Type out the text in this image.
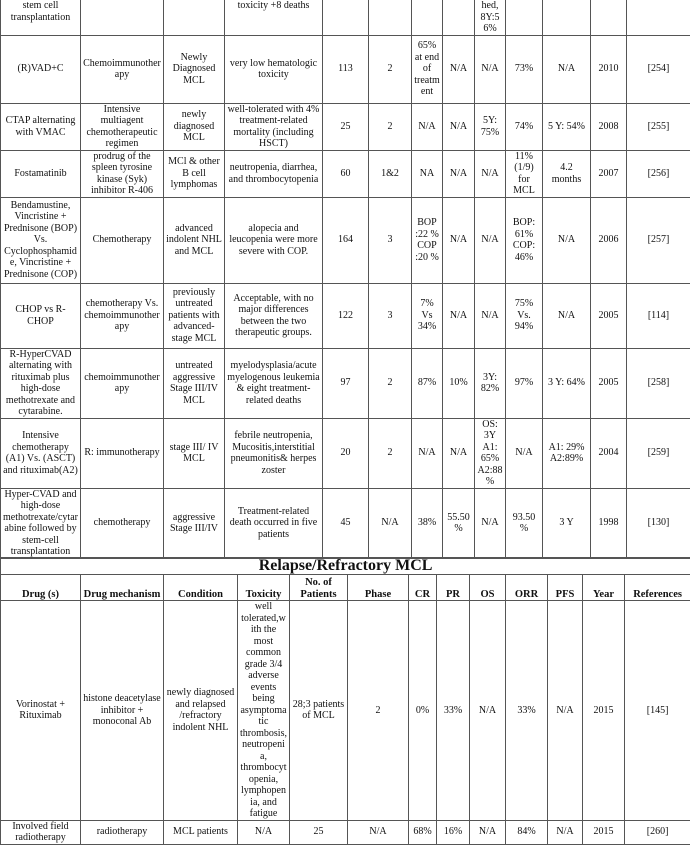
stem cell transplantation			toxicity +8 deaths					hed, 8Y:5 6%				
(R)VAD+C	Chemoimmunotherapy	Newly Diagnosed MCL	very low hematologic toxicity	113	2	65% at end of treatment	N/A	N/A	73%	N/A	2010	[254]
CTAP alternating with VMAC	Intensive multiagent chemotherapeutic regimen	newly diagnosed MCL	well-tolerated with 4% treatment-related mortality (including HSCT)	25	2	N/A	N/A	5Y: 75%	74%	5 Y: 54%	2008	[255]
Fostamatinib	prodrug of the spleen tyrosine kinase (Syk) inhibitor R-406	MCl & other B cell lymphomas	neutropenia, diarrhea, and thrombocytopenia	60	1&2	NA	N/A	N/A	11% (1/9) for MCL	4.2 months	2007	[256]
Bendamustine, Vincristine + Prednisone (BOP) Vs. Cyclophosphamide, Vincristine + Prednisone (COP)	Chemotherapy	advanced indolent NHL and MCL	alopecia and leucopenia were more severe with COP.	164	3	BOP :22 % COP :20 %	N/A	N/A	BOP: 61% COP: 46%	N/A	2006	[257]
CHOP vs R-CHOP	chemotherapy Vs. chemoimmunotherapy	previously untreated patients with advanced-stage MCL	Acceptable, with no major differences between the two therapeutic groups.	122	3	7% Vs 34%	N/A	N/A	75% Vs. 94%	N/A	2005	[114]
R-HyperCVAD alternating with rituximab plus high-dose methotrexate and cytarabine.	chemoimmunotherapy	untreated aggressive Stage III/IV MCL	myelodysplasia/acute myelogenous leukemia & eight treatment-related deaths	97	2	87%	10%	3Y: 82%	97%	3 Y: 64%	2005	[258]
Intensive chemotherapy (A1) Vs. (ASCT) and rituximab(A2)	R: immunotherapy	stage III/ IV MCL	febrile neutropenia, Mucositis,interstitial pneumonitis& herpes zoster	20	2	N/A	N/A	OS: 3Y A1: 65% A2:88%	N/A	A1: 29% A2:89%	2004	[259]
Hyper-CVAD and high-dose methotrexate/cytarabine followed by stem-cell transplantation	chemotherapy	aggressive Stage III/IV	Treatment-related death occurred in five patients	45	N/A	38%	55.50%	N/A	93.50 %	3 Y	1998	[130]
Relapse/Refractory MCL												
Drug (s)	Drug mechanism	Condition	Toxicity	No. of Patients	Phase	CR	PR	OS	ORR	PFS	Year	References
Vorinostat + Rituximab	histone deacetylase inhibitor + monoconal Ab	newly diagnosed and relapsed /refractory indolent NHL	well tolerated,with the most common grade 3/4 adverse events being asymptomatic thrombosis, neutropenia, thrombocytopenia, lymphopenia, and fatigue	28;3 patients of MCL	2	0%	33%	N/A	33%	N/A	2015	[145]
Involved field radiotherapy	radiotherapy	MCL patients	N/A	25	N/A	68%	16%	N/A	84%	N/A	2015	[260]
